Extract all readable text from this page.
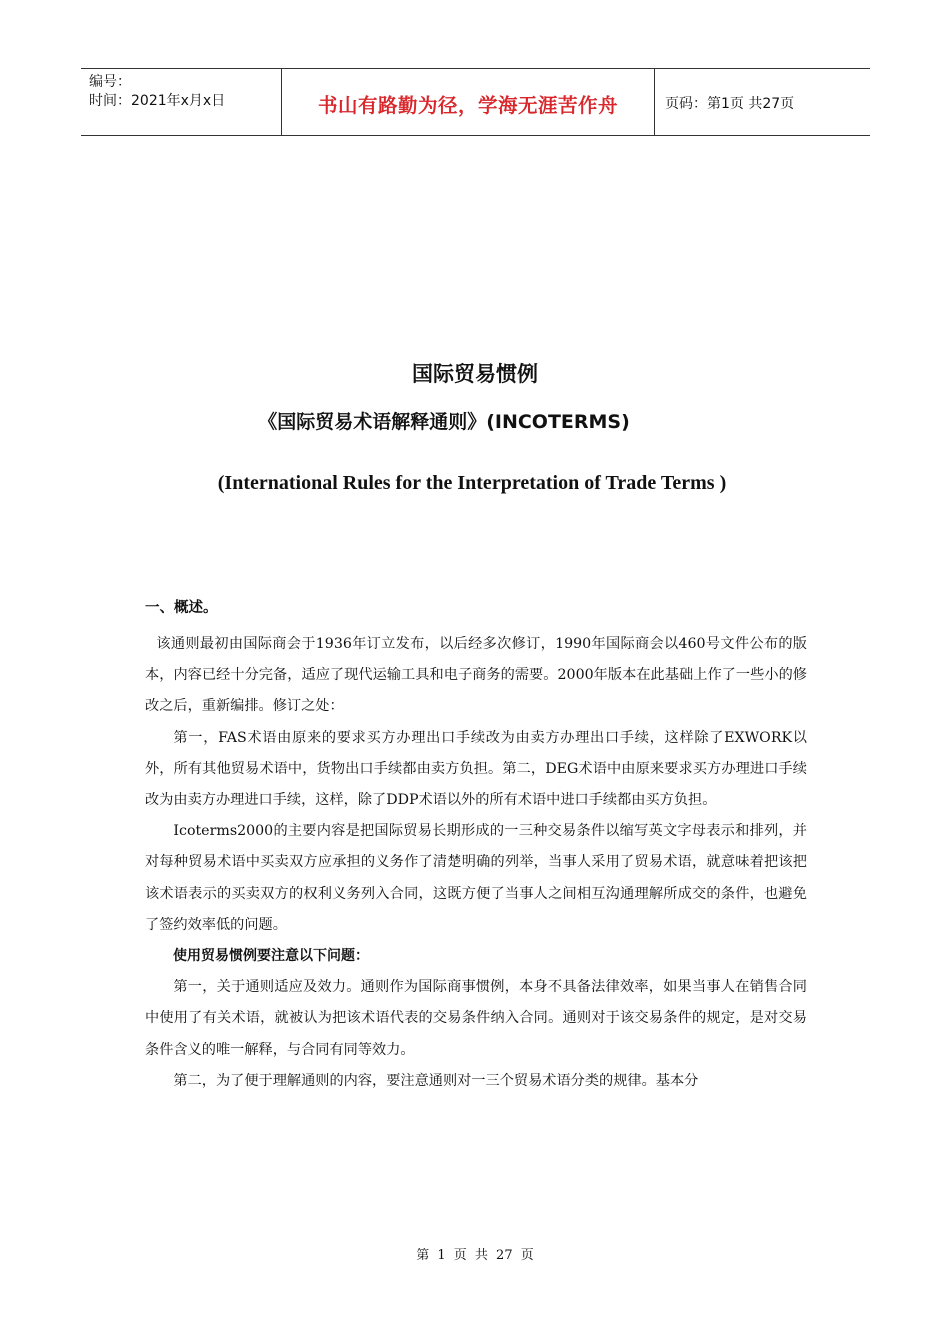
编号：
时间：2021年x月x日	书山有路勤为径，学海无涯苦作舟	页码：第1页 共27页
国际贸易惯例
《国际贸易术语解释通则》(INCOTERMS)
(International Rules for the Interpretation of Trade Terms )
一、概述。

该通则最初由国际商会于1936年订立发布，以后经多次修订，1990年国际商会以460号文件公布的版本，内容已经十分完备，适应了现代运输工具和电子商务的需要。2000年版本在此基础上作了一些小的修改之后，重新编排。修订之处：

第一，FAS术语由原来的要求买方办理出口手续改为由卖方办理出口手续，这样除了EXWORK以外，所有其他贸易术语中，货物出口手续都由卖方负担。第二，DEG术语中由原来要求买方办理进口手续改为由卖方办理进口手续，这样，除了DDP术语以外的所有术语中进口手续都由买方负担。

Icoterms2000的主要内容是把国际贸易长期形成的一三种交易条件以缩写英文字母表示和排列，并对每种贸易术语中买卖双方应承担的义务作了清楚明确的列举，当事人采用了贸易术语，就意味着把该把该术语表示的买卖双方的权利义务列入合同，这既方便了当事人之间相互沟通理解所成交的条件，也避免了签约效率低的问题。

使用贸易惯例要注意以下问题：

第一，关于通则适应及效力。通则作为国际商事惯例，本身不具备法律效率，如果当事人在销售合同中使用了有关术语，就被认为把该术语代表的交易条件纳入合同。通则对于该交易条件的规定，是对交易条件含义的唯一解释，与合同有同等效力。

第二，为了便于理解通则的内容，要注意通则对一三个贸易术语分类的规律。基本分

第 1 页 共 27 页
